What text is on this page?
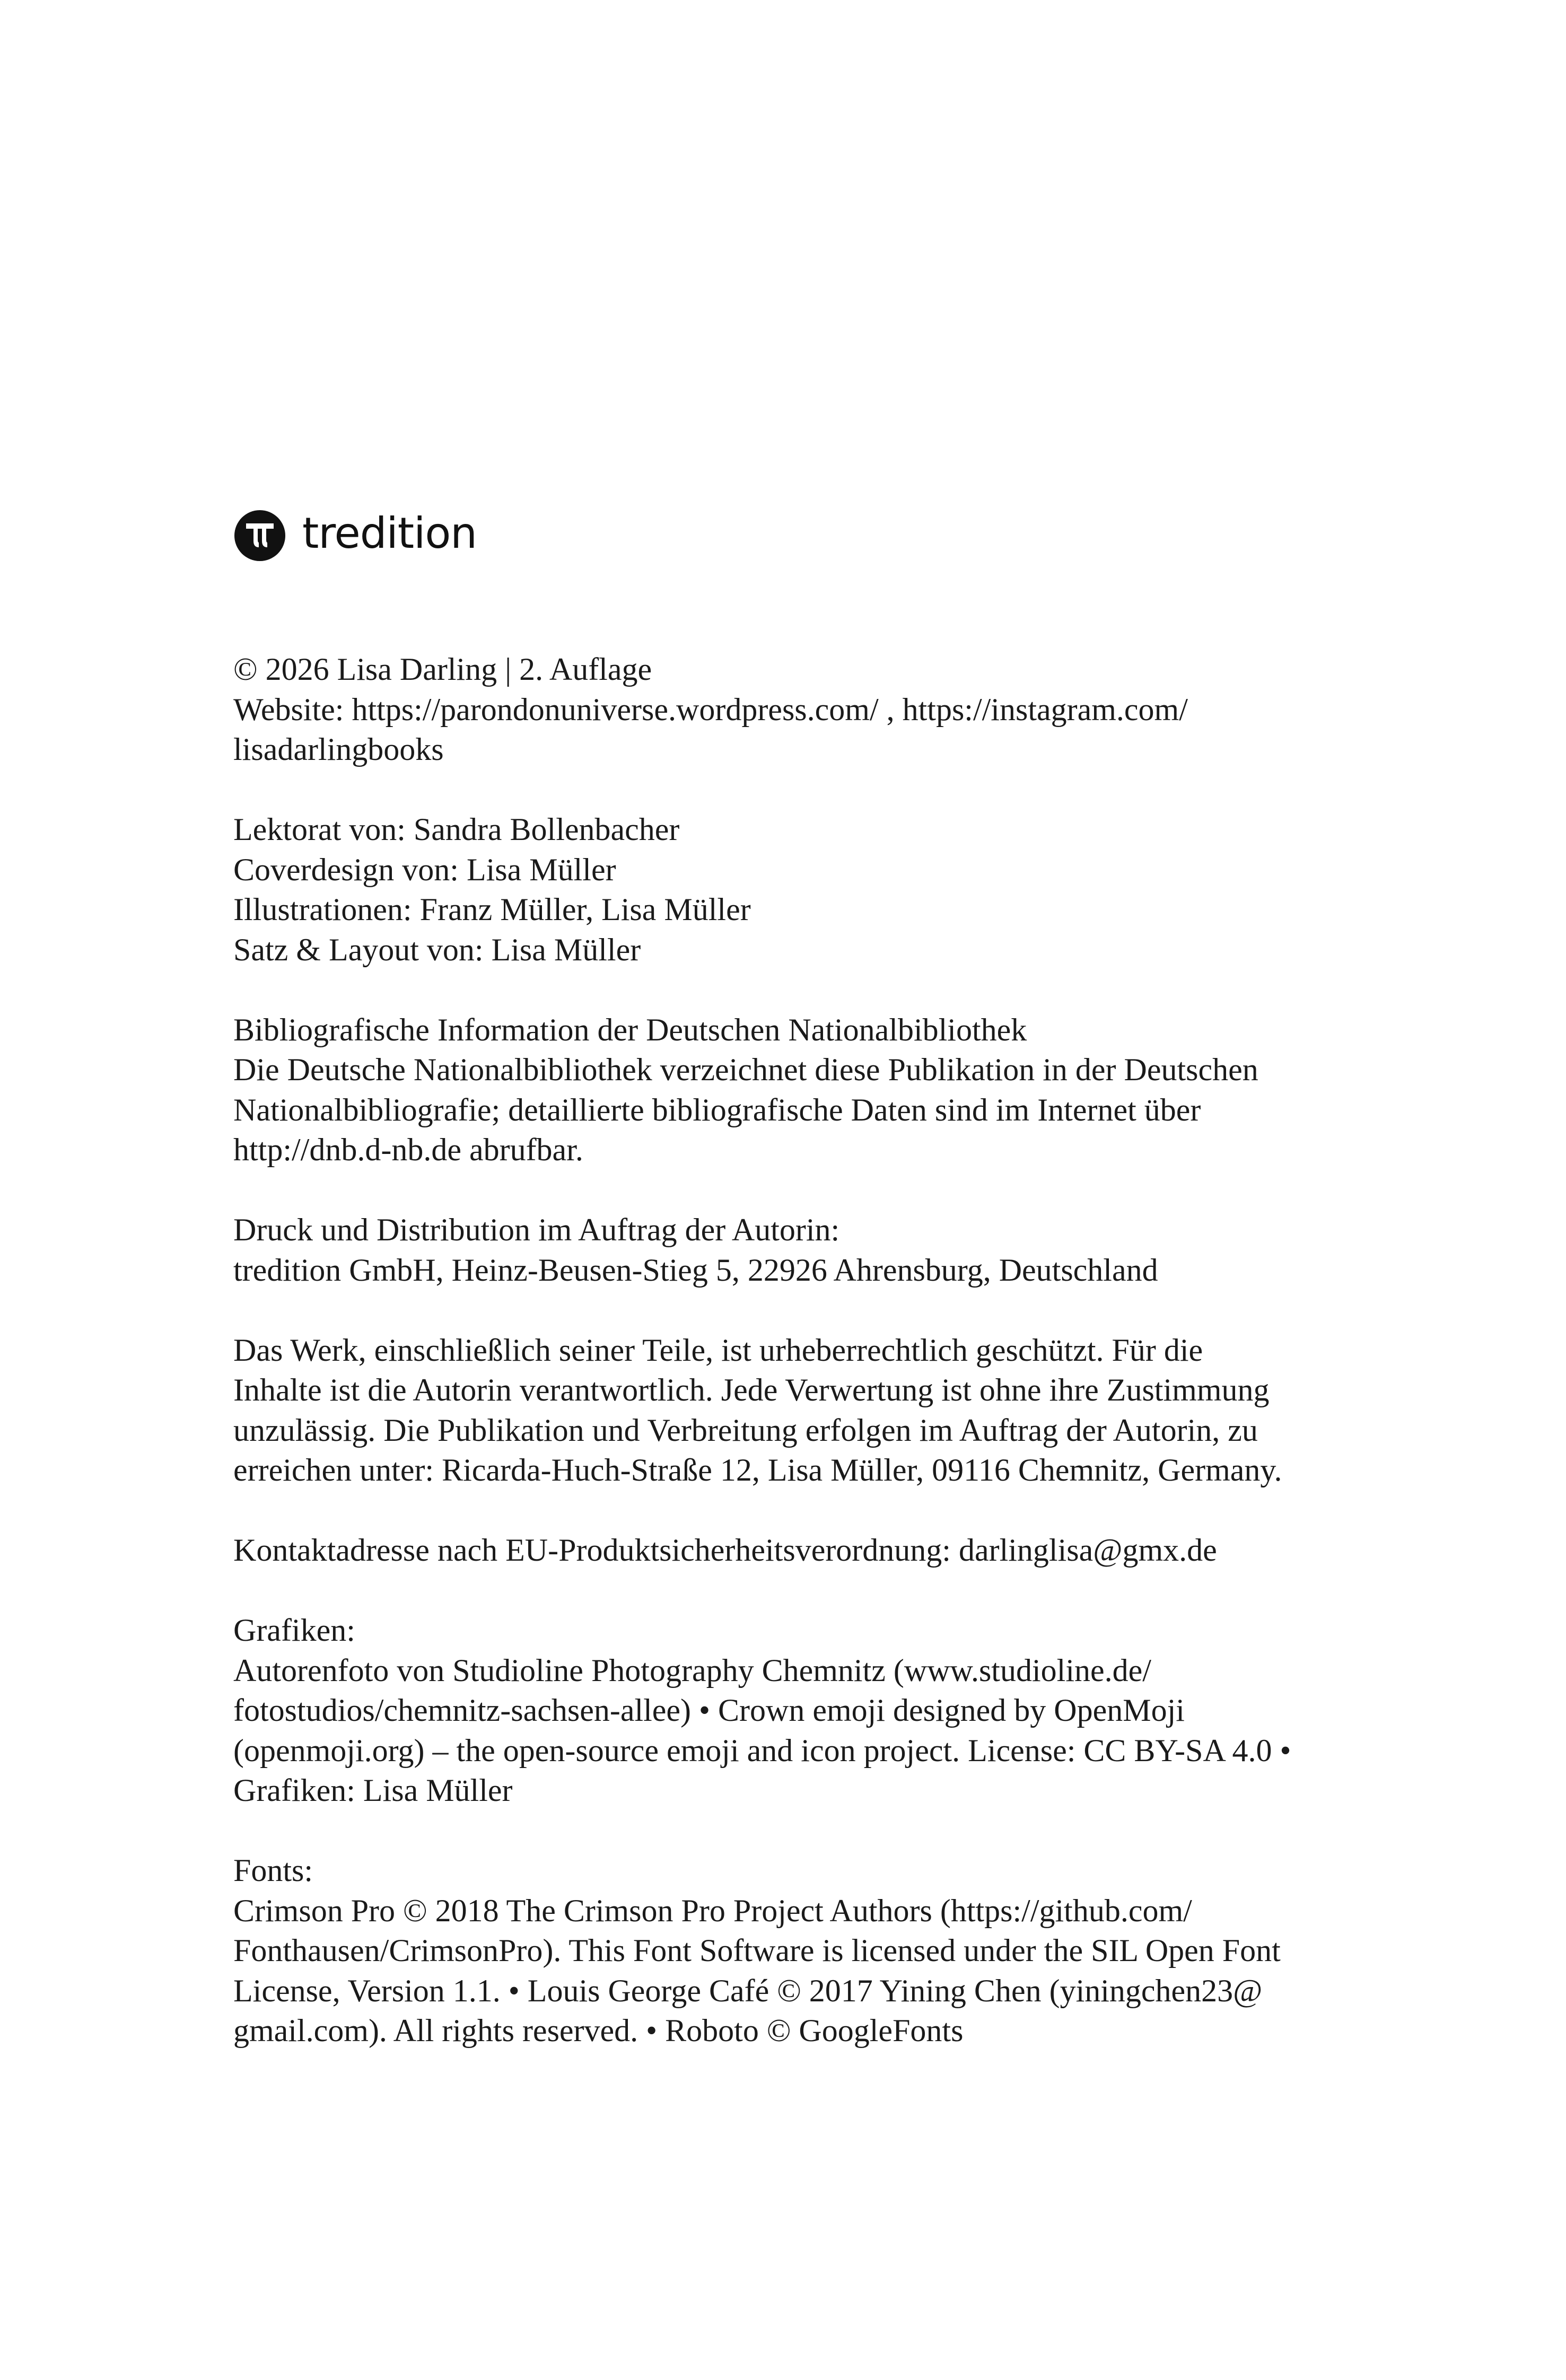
tredition
© 2026 Lisa Darling | 2. Auflage
Website: https://parondonuniverse.wordpress.com/ , https://instagram.com/
lisadarlingbooks
Lektorat von: Sandra Bollenbacher
Coverdesign von: Lisa Müller
Illustrationen: Franz Müller, Lisa Müller
Satz & Layout von: Lisa Müller
Bibliografische Information der Deutschen Nationalbibliothek
Die Deutsche Nationalbibliothek verzeichnet diese Publikation in der Deutschen
Nationalbibliografie; detaillierte bibliografische Daten sind im Internet über
http://dnb.d-nb.de abrufbar.
Druck und Distribution im Auftrag der Autorin:
tredition GmbH, Heinz-Beusen-Stieg 5, 22926 Ahrensburg, Deutschland
Das Werk, einschließlich seiner Teile, ist urheberrechtlich geschützt. Für die
Inhalte ist die Autorin verantwortlich. Jede Verwertung ist ohne ihre Zustimmung
unzulässig. Die Publikation und Verbreitung erfolgen im Auftrag der Autorin, zu
erreichen unter: Ricarda-Huch-Straße 12, Lisa Müller, 09116 Chemnitz, Germany.
Kontaktadresse nach EU-Produktsicherheitsverordnung: darlinglisa@gmx.de
Grafiken:
Autorenfoto von Studioline Photography Chemnitz (www.studioline.de/
fotostudios/chemnitz-sachsen-allee) • Crown emoji designed by OpenMoji
(openmoji.org) – the open-source emoji and icon project. License: CC BY-SA 4.0 •
Grafiken: Lisa Müller
Fonts:
Crimson Pro © 2018 The Crimson Pro Project Authors (https://github.com/
Fonthausen/CrimsonPro). This Font Software is licensed under the SIL Open Font
License, Version 1.1. • Louis George Café © 2017 Yining Chen (yiningchen23@
gmail.com). All rights reserved. • Roboto © GoogleFonts
